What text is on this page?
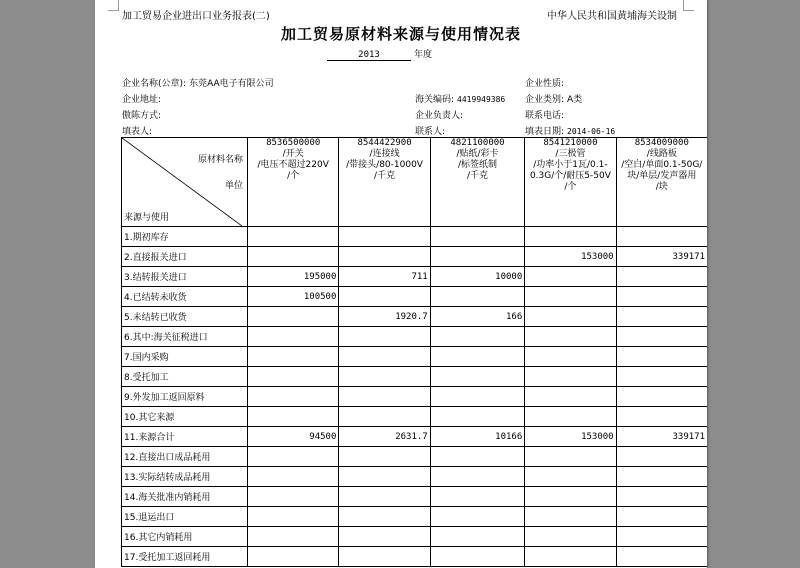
加工贸易企业进出口业务报表(二)	中华人民共和国黄埔海关设制
加工贸易原材料来源与使用情况表
2013	年度
企业名称(公章): 东莞AA电子有限公司	企业性质:
企业地址:	海关编码: 4419949386 企业类别: A类
傲陈方式:	企业负责人:	联系电话:
填表人:	联系人:	填表日期: 2014-06-16
原材料名称
单位
来源与使用	8536500000
/开关
/电压不超过220V
/个	8544422900
/连接线
/带接头/80-1000V
/千克	4821100000
/贴纸/彩卡
/标签纸制
/千克	8541210000
/三极管
/功率小于1瓦/0.1-0.3G/个/耐压5-50V
/个	8534009000
/线路板
/空白/单面0.1-50G/块/单层/发声器用
/块

1.期初库存					
2.直接报关进口				153000	339171
3.结转报关进口	195000	711	10000		
4.已结转未收货	100500				
5.未结转已收货		1920.7	166		
6.其中:海关征税进口					
7.国内采购					
8.受托加工					
9.外发加工返回原料					
10.其它来源					
11.来源合计	94500	2631.7	10166	153000	339171
12.直接出口成品耗用					
13.实际结转成品耗用					
14.海关批准内销耗用					
15.退运出口					
16.其它内销耗用					
17.受托加工返回耗用					
